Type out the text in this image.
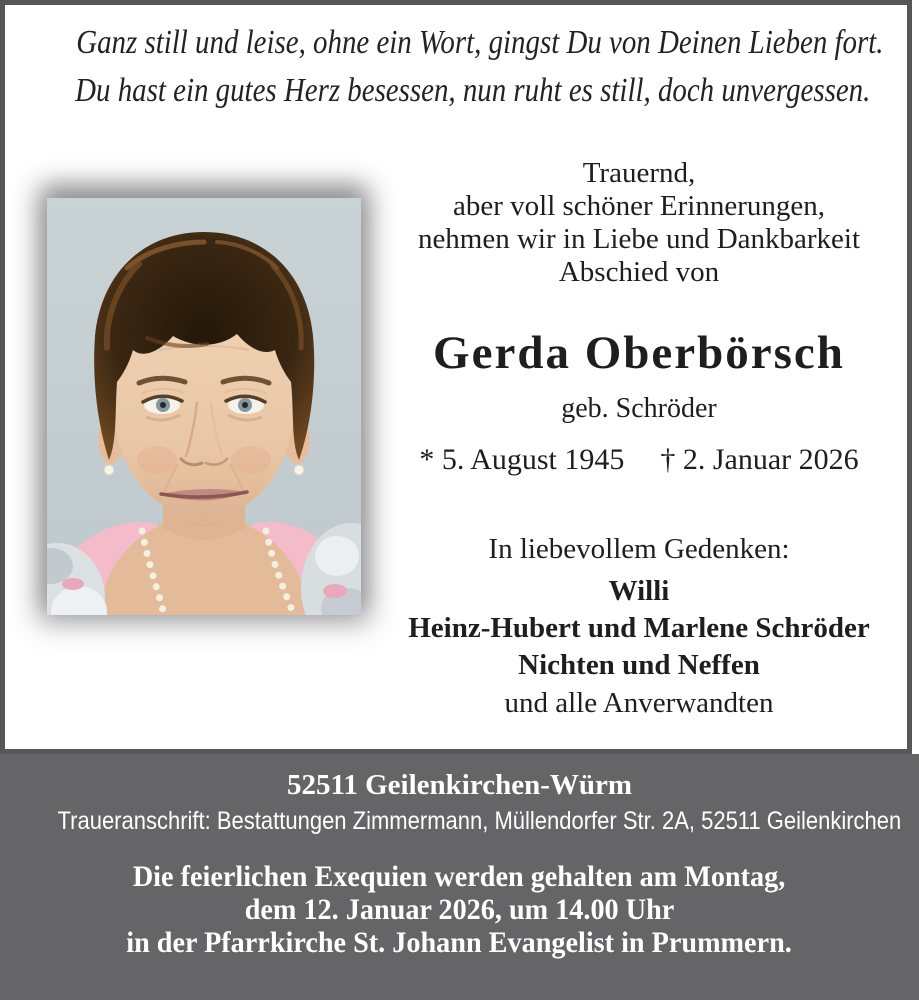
Ganz still und leise, ohne ein Wort, gingst Du von Deinen Lieben fort.
Du hast ein gutes Herz besessen, nun ruht es still, doch unvergessen.
Trauernd,
aber voll schöner Erinnerungen,
nehmen wir in Liebe und Dankbarkeit
Abschied von
Gerda Oberbörsch
geb. Schröder
* 5. August 1945 † 2. Januar 2026
In liebevollem Gedenken:
Willi
Heinz-Hubert und Marlene Schröder
Nichten und Neffen
und alle Anverwandten
52511 Geilenkirchen-Würm
Traueranschrift: Bestattungen Zimmermann, Müllendorfer Str. 2A, 52511 Geilenkirchen
Die feierlichen Exequien werden gehalten am Montag,
dem 12. Januar 2026, um 14.00 Uhr
in der Pfarrkirche St. Johann Evangelist in Prummern.
